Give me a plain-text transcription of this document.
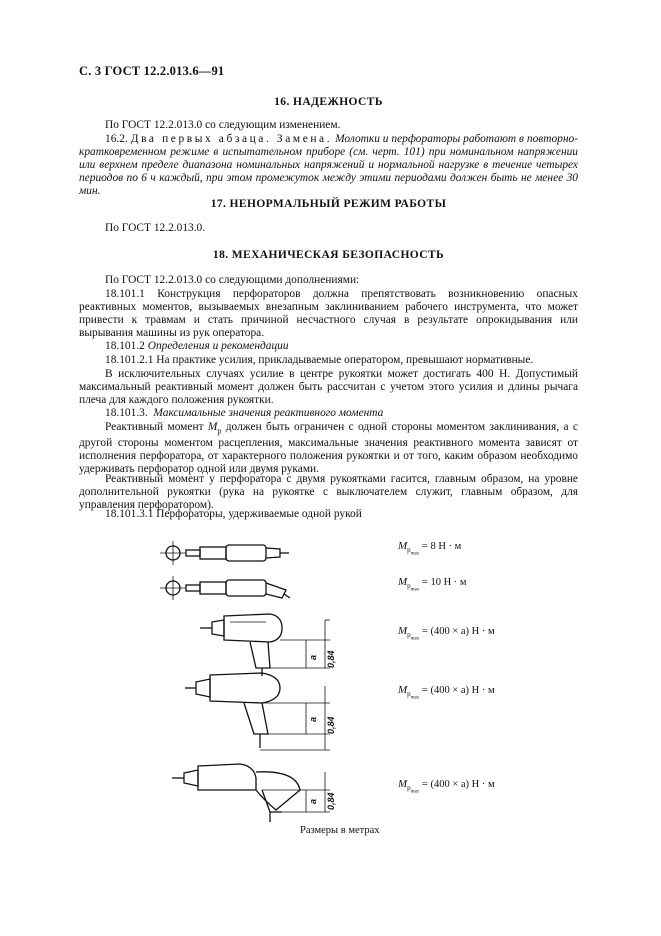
С. 3 ГОСТ 12.2.013.6—91
16. НАДЕЖНОСТЬ
По ГОСТ 12.2.013.0 со следующим изменением.
16.2. Два первых абзаца. Замена. Молотки и перфораторы работают в повторно-кратковременном режиме в испытательном приборе (см. черт. 101) при номинальном напряжении или верхнем пределе диапазона номинальных напряжений и нормальной нагрузке в течение четырех периодов по 6 ч каждый, при этом промежуток между этими периодами должен быть не менее 30 мин.
17. НЕНОРМАЛЬНЫЙ РЕЖИМ РАБОТЫ
По ГОСТ 12.2.013.0.
18. МЕХАНИЧЕСКАЯ БЕЗОПАСНОСТЬ
По ГОСТ 12.2.013.0 со следующими дополнениями:
18.101.1 Конструкция перфораторов должна препятствовать возникновению опасных реактивных моментов, вызываемых внезапным заклиниванием рабочего инструмента, что может привести к травмам и стать причиной несчастного случая в результате опрокидывания или вырывания машины из рук оператора.
18.101.2 Определения и рекомендации
18.101.2.1 На практике усилия, прикладываемые оператором, превышают нормативные.
В исключительных случаях усилие в центре рукоятки может достигать 400 Н. Допустимый максимальный реактивный момент должен быть рассчитан с учетом этого усилия и длины рычага плеча для каждого положения рукоятки.
18.101.3. Максимальные значения реактивного момента
Реактивный момент $M_р$ должен быть ограничен с одной стороны моментом заклинивания, а с другой стороны моментом расцепления, максимальные значения реактивного момента зависят от исполнения перфоратора, от характерного положения рукоятки и от того, каким образом необходимо удерживать перфоратор одной или двумя руками.
Реактивный момент у перфоратора с двумя рукоятками гасится, главным образом, на уровне дополнительной рукоятки (рука на рукоятке с выключателем служит, главным образом, для управления перфоратором).
18.101.3.1 Перфораторы, удерживаемые одной рукой
a 0,84
a 0,84
a 0,84
$M_{р_{max}} = 8$ Н · м
$M_{р_{max}} = 10$ Н · м
$M_{р_{max}} = (400 \times a) Н \cdot м$
$M_{р_{max}} = (400 \times a) Н \cdot м$
$M_{р_{max}} = (400 \times a) Н \cdot м$
Размеры в метрах
